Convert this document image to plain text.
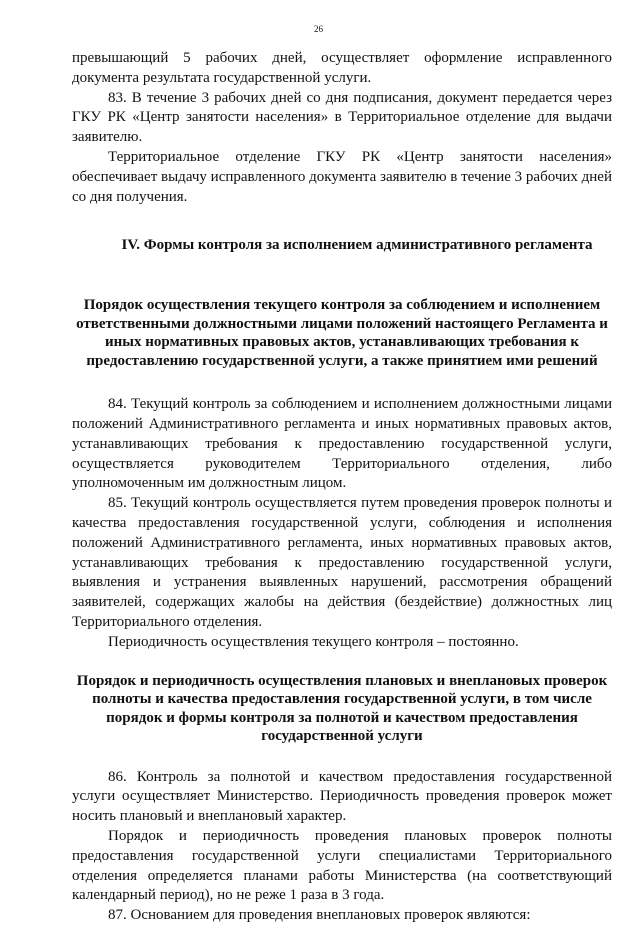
26

превышающий 5 рабочих дней, осуществляет оформление исправленного документа результата государственной услуги.

83. В течение 3 рабочих дней со дня подписания, документ передается через ГКУ РК «Центр занятости населения» в Территориальное отделение для выдачи заявителю.

Территориальное отделение ГКУ РК «Центр занятости населения» обеспечивает выдачу исправленного документа заявителю в течение 3 рабочих дней со дня получения.

IV. Формы контроля за исполнением административного регламента

Порядок осуществления текущего контроля за соблюдением и исполнением ответственными должностными лицами положений настоящего Регламента и иных нормативных правовых актов, устанавливающих требования к предоставлению государственной услуги, а также принятием ими решений

84. Текущий контроль за соблюдением и исполнением должностными лицами положений Административного регламента и иных нормативных правовых актов, устанавливающих требования к предоставлению государственной услуги, осуществляется руководителем Территориального отделения, либо уполномоченным им должностным лицом.

85. Текущий контроль осуществляется путем проведения проверок полноты и качества предоставления государственной услуги, соблюдения и исполнения положений Административного регламента, иных нормативных правовых актов, устанавливающих требования к предоставлению государственной услуги, выявления и устранения выявленных нарушений, рассмотрения обращений заявителей, содержащих жалобы на действия (бездействие) должностных лиц Территориального отделения.

Периодичность осуществления текущего контроля – постоянно.

Порядок и периодичность осуществления плановых и внеплановых проверок полноты и качества предоставления государственной услуги, в том числе порядок и формы контроля за полнотой и качеством предоставления государственной услуги

86. Контроль за полнотой и качеством предоставления государственной услуги осуществляет Министерство. Периодичность проведения проверок может носить плановый и внеплановый характер.

Порядок и периодичность проведения плановых проверок полноты предоставления государственной услуги специалистами Территориального отделения определяется планами работы Министерства (на соответствующий календарный период), но не реже 1 раза в 3 года.

87. Основанием для проведения внеплановых проверок являются:
